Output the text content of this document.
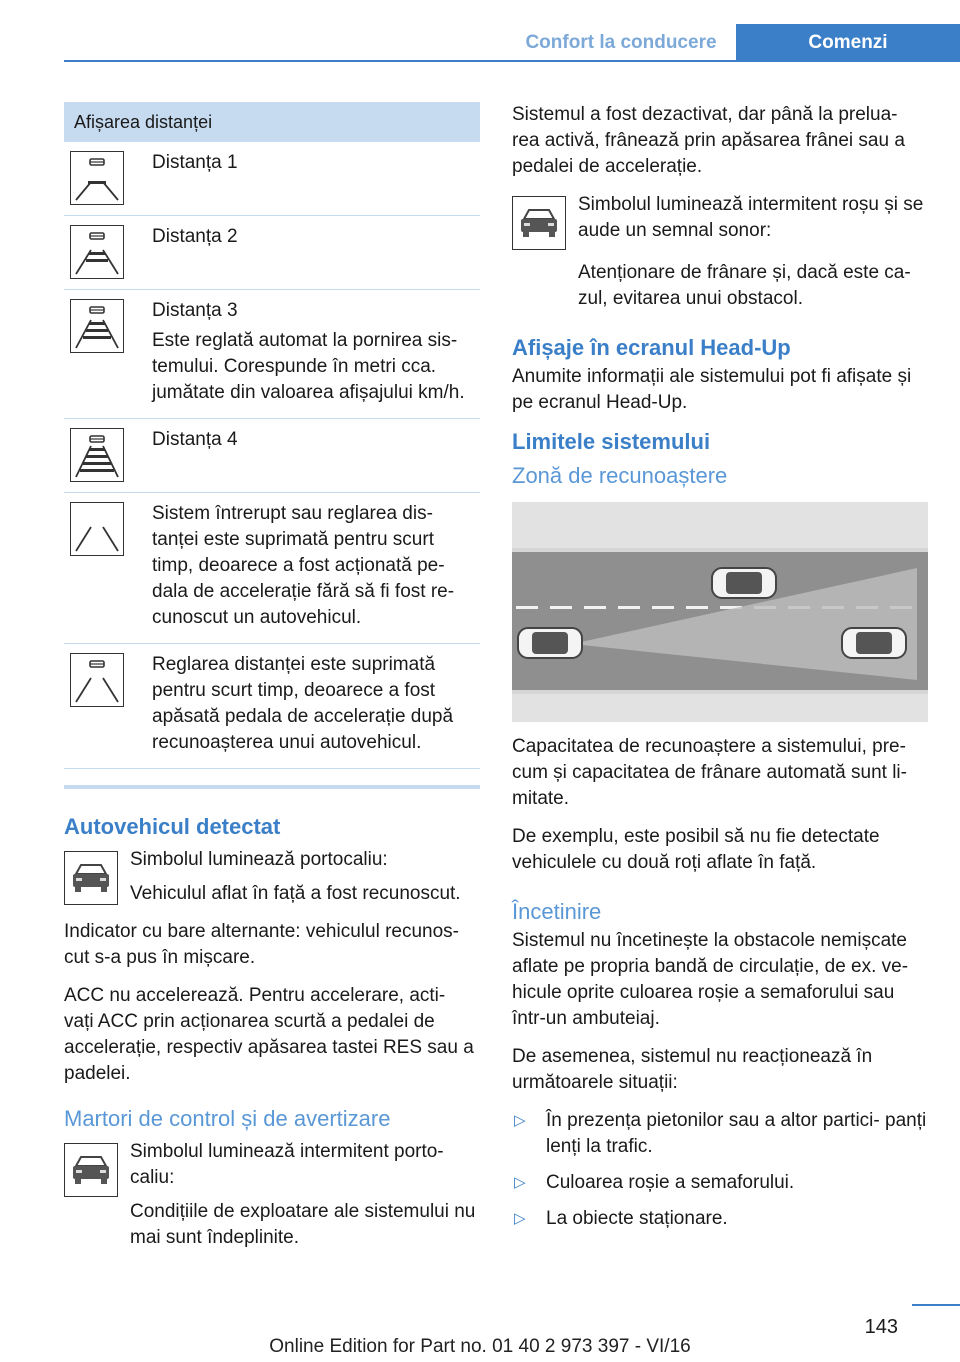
Confort la conducere	Comenzi
Afișarea distanței	

Distanța 1

Distanța 2

Distanța 3

Este reglată automat la pornirea sis‐ temului. Corespunde în metri cca. jumătate din valoarea afișajului km/h.

Distanța 4

Sistem întrerupt sau reglarea dis‐ tanței este suprimată pentru scurt timp, deoarece a fost acționată pe‐ dala de accelerație fără să fi fost re‐ cunoscut un autovehicul.

Reglarea distanței este suprimată pentru scurt timp, deoarece a fost apăsată pedala de accelerație după recunoașterea unui autovehicul.

Autovehicul detectat

Simbolul luminează portocaliu:

Vehiculul aflat în față a fost recunoscut.

Indicator cu bare alternante: vehiculul recunos‐ cut s-a pus în mișcare.

ACC nu accelerează. Pentru accelerare, acti‐ vați ACC prin acționarea scurtă a pedalei de accelerație, respectiv apăsarea tastei RES sau a padelei.

Martori de control și de avertizare

Simbolul luminează intermitent porto‐ caliu:

Condițiile de exploatare ale sistemului nu mai sunt îndeplinite.

Sistemul a fost dezactivat, dar până la prelua‐ rea activă, frânează prin apăsarea frânei sau a pedalei de accelerație.

Simbolul luminează intermitent roșu și se aude un semnal sonor:

Atenționare de frânare și, dacă este ca‐ zul, evitarea unui obstacol.

Afișaje în ecranul Head-Up

Anumite informații ale sistemului pot fi afișate și pe ecranul Head-Up.

Limitele sistemului
Zonă de recunoaștere

Capacitatea de recunoaștere a sistemului, pre‐ cum și capacitatea de frânare automată sunt li‐ mitate.

De exemplu, este posibil să nu fie detectate vehiculele cu două roți aflate în față.

Încetinire

Sistemul nu încetinește la obstacole nemișcate aflate pe propria bandă de circulație, de ex. ve‐ hicule oprite culoarea roșie a semaforului sau într-un ambuteiaj.

De asemenea, sistemul nu reacționează în următoarele situații:

▷ În prezența pietonilor sau a altor partici‐ panți lenți la trafic.
▷ Culoarea roșie a semaforului.
▷ La obiecte staționare.
143
Online Edition for Part no. 01 40 2 973 397 - VI/16
